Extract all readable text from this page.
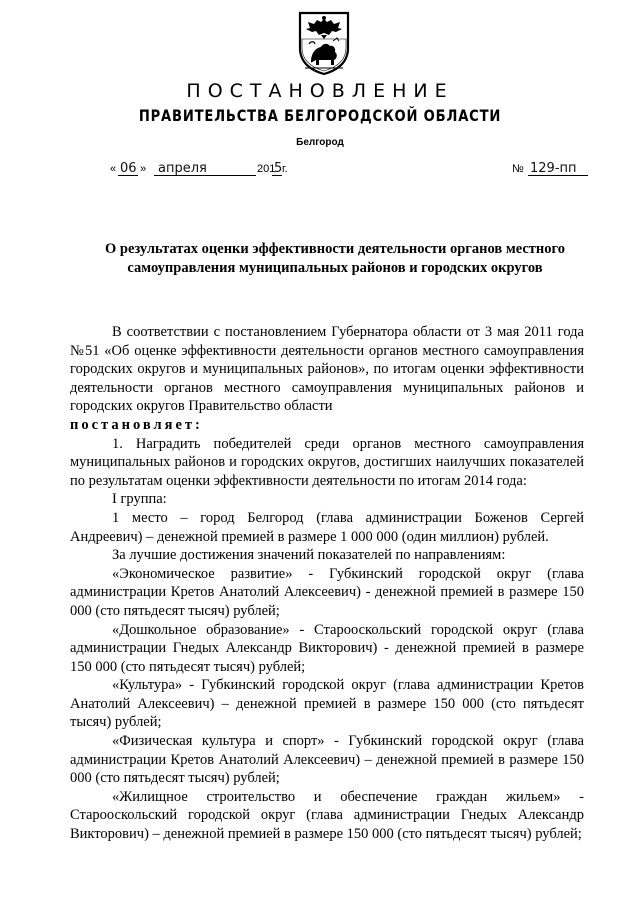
ПОСТАНОВЛЕНИЕ
ПРАВИТЕЛЬСТВА БЕЛГОРОДСКОЙ ОБЛАСТИ
Белгород
« 06 » апреля	201
5 г.	№ 129-пп
О результатах оценки эффективности деятельности органов местного самоуправления муниципальных районов и городских округов

В соответствии с постановлением Губернатора области от 3 мая 2011 года №51 «Об оценке эффективности деятельности органов местного самоуправления городских округов и муниципальных районов», по итогам оценки эффективности деятельности органов местного самоуправления муниципальных районов и городских округов Правительство области

постановляет:

1. Наградить победителей среди органов местного самоуправления муниципальных районов и городских округов, достигших наилучших показателей по результатам оценки эффективности деятельности по итогам 2014 года:

I группа:

1 место – город Белгород (глава администрации Боженов Сергей Андреевич) – денежной премией в размере 1 000 000 (один миллион) рублей.

За лучшие достижения значений показателей по направлениям:

«Экономическое развитие» - Губкинский городской округ (глава администрации Кретов Анатолий Алексеевич) - денежной премией в размере 150 000 (сто пятьдесят тысяч) рублей;

«Дошкольное образование» - Старооскольский городской округ (глава администрации Гнедых Александр Викторович) - денежной премией в размере 150 000 (сто пятьдесят тысяч) рублей;

«Культура» - Губкинский городской округ (глава администрации Кретов Анатолий Алексеевич) – денежной премией в размере 150 000 (сто пятьдесят тысяч) рублей;

«Физическая культура и спорт» - Губкинский городской округ (глава администрации Кретов Анатолий Алексеевич) – денежной премией в размере 150 000 (сто пятьдесят тысяч) рублей;

«Жилищное строительство и обеспечение граждан жильем» - Старооскольский городской округ (глава администрации Гнедых Александр Викторович) – денежной премией в размере 150 000 (сто пятьдесят тысяч) рублей;
